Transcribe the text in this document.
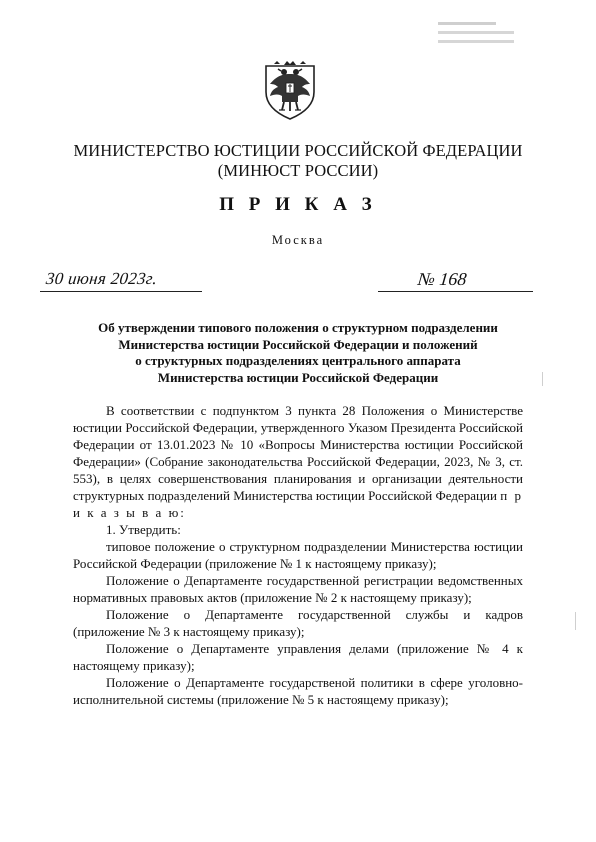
МИНИСТЕРСТВО ЮСТИЦИИ РОССИЙСКОЙ ФЕДЕРАЦИИ
(МИНЮСТ РОССИИ)
П Р И К А З
Москва
30 июня 2023г.	№ 168
Об утверждении типового положения о структурном подразделении
Министерства юстиции Российской Федерации и положений
о структурных подразделениях центрального аппарата
Министерства юстиции Российской Федерации

В соответствии с подпунктом 3 пункта 28 Положения о Министерстве юстиции Российской Федерации, утвержденного Указом Президента Российской Федерации от 13.01.2023 № 10 «Вопросы Министерства юстиции Российской Федерации» (Собрание законодательства Российской Федерации, 2023, № 3, ст. 553), в целях совершенствования планирования и организации деятельности структурных подразделений Министерства юстиции Российской Федерации п р и к а з ы в а ю:

1. Утвердить:

типовое положение о структурном подразделении Министерства юстиции Российской Федерации (приложение № 1 к настоящему приказу);

Положение о Департаменте государственной регистрации ведомственных нормативных правовых актов (приложение № 2 к настоящему приказу);

Положение о Департаменте государственной службы и кадров (приложение № 3 к настоящему приказу);

Положение о Департаменте управления делами (приложение № 4 к настоящему приказу);

Положение о Департаменте государственой политики в сфере уголовно-исполнительной системы (приложение № 5 к настоящему приказу);
